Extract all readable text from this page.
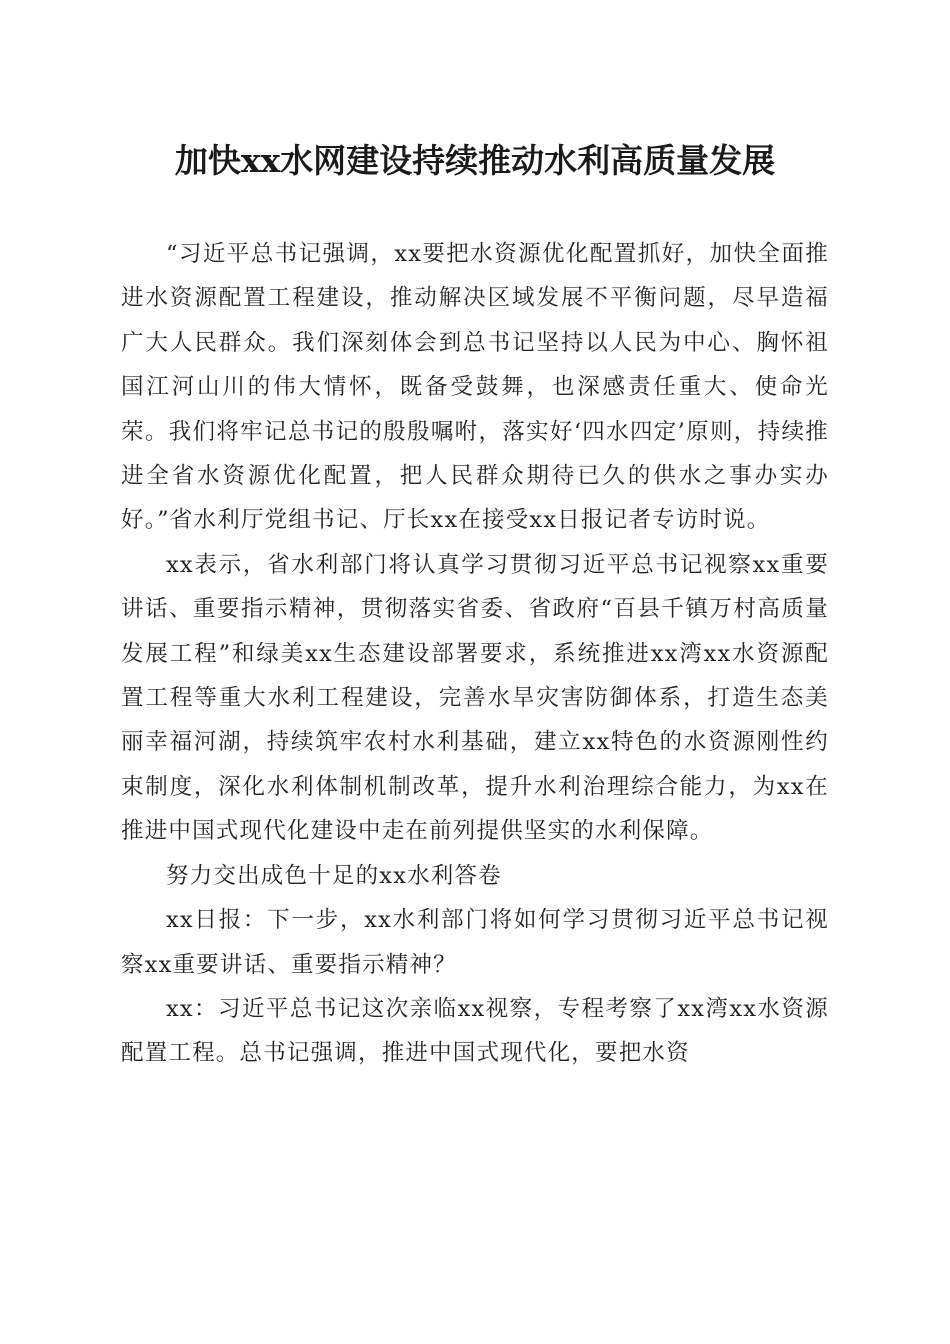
加快xx水网建设持续推动水利高质量发展

“习近平总书记强调，xx要把水资源优化配置抓好，加快全面推进水资源配置工程建设，推动解决区域发展不平衡问题，尽早造福广大人民群众。我们深刻体会到总书记坚持以人民为中心、胸怀祖国江河山川的伟大情怀，既备受鼓舞，也深感责任重大、使命光荣。我们将牢记总书记的殷殷嘱咐，落实好‘四水四定’原则，持续推进全省水资源优化配置，把人民群众期待已久的供水之事办实办好。”省水利厅党组书记、厅长xx在接受xx日报记者专访时说。

xx表示，省水利部门将认真学习贯彻习近平总书记视察xx重要讲话、重要指示精神，贯彻落实省委、省政府“百县千镇万村高质量发展工程”和绿美xx生态建设部署要求，系统推进xx湾xx水资源配置工程等重大水利工程建设，完善水旱灾害防御体系，打造生态美丽幸福河湖，持续筑牢农村水利基础，建立xx特色的水资源刚性约束制度，深化水利体制机制改革，提升水利治理综合能力，为xx在推进中国式现代化建设中走在前列提供坚实的水利保障。

努力交出成色十足的xx水利答卷

xx日报：下一步，xx水利部门将如何学习贯彻习近平总书记视察xx重要讲话、重要指示精神？

xx：习近平总书记这次亲临xx视察，专程考察了xx湾xx水资源配置工程。总书记强调，推进中国式现代化，要把水资
